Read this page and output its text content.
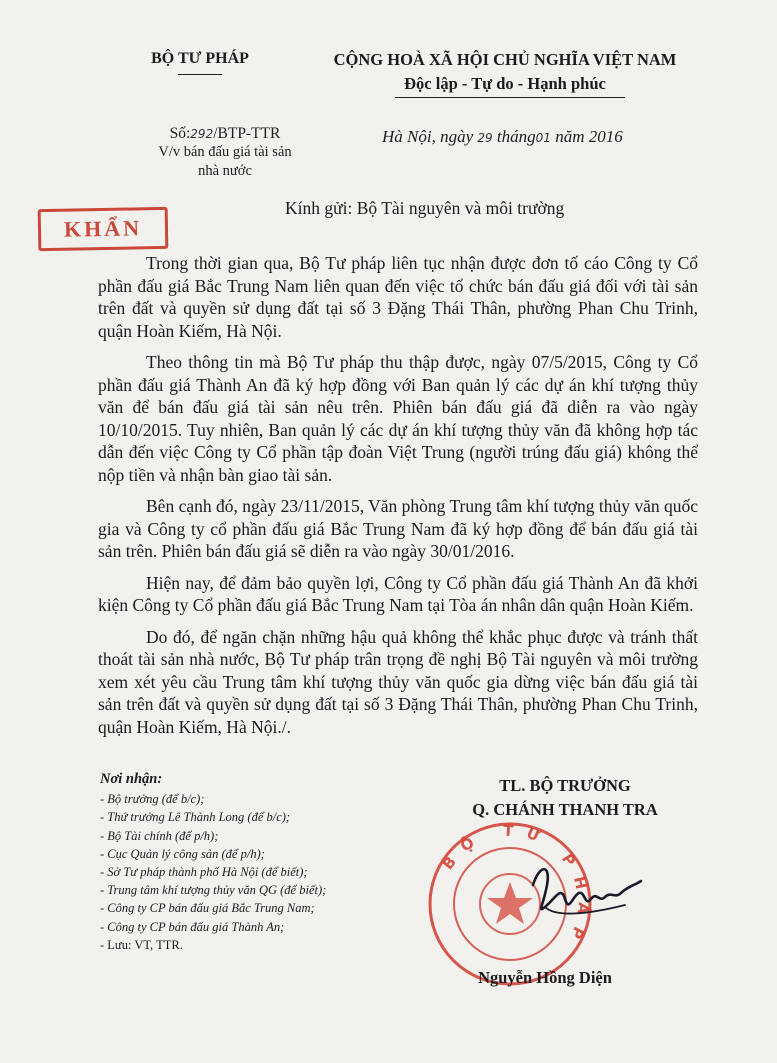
BỘ TƯ PHÁP	CỘNG HOÀ XÃ HỘI CHỦ NGHĨA VIỆT NAM
Độc lập - Tự do - Hạnh phúc
Số:292/BTP-TTR
V/v bán đấu giá tài sản
nhà nước
Hà Nội, ngày 29 tháng01 năm 2016
KHẨN
Kính gửi: Bộ Tài nguyên và môi trường

Trong thời gian qua, Bộ Tư pháp liên tục nhận được đơn tố cáo Công ty Cổ phần đấu giá Bắc Trung Nam liên quan đến việc tổ chức bán đấu giá đối với tài sản trên đất và quyền sử dụng đất tại số 3 Đặng Thái Thân, phường Phan Chu Trinh, quận Hoàn Kiếm, Hà Nội.

Theo thông tin mà Bộ Tư pháp thu thập được, ngày 07/5/2015, Công ty Cổ phần đấu giá Thành An đã ký hợp đồng với Ban quản lý các dự án khí tượng thủy văn để bán đấu giá tài sản nêu trên. Phiên bán đấu giá đã diễn ra vào ngày 10/10/2015. Tuy nhiên, Ban quản lý các dự án khí tượng thủy văn đã không hợp tác dẫn đến việc Công ty Cổ phần tập đoàn Việt Trung (người trúng đấu giá) không thể nộp tiền và nhận bàn giao tài sản.

Bên cạnh đó, ngày 23/11/2015, Văn phòng Trung tâm khí tượng thủy văn quốc gia và Công ty cổ phần đấu giá Bắc Trung Nam đã ký hợp đồng để bán đấu giá tài sản trên. Phiên bán đấu giá sẽ diễn ra vào ngày 30/01/2016.

Hiện nay, để đảm bảo quyền lợi, Công ty Cổ phần đấu giá Thành An đã khởi kiện Công ty Cổ phần đấu giá Bắc Trung Nam tại Tòa án nhân dân quận Hoàn Kiếm.

Do đó, để ngăn chặn những hậu quả không thể khắc phục được và tránh thất thoát tài sản nhà nước, Bộ Tư pháp trân trọng đề nghị Bộ Tài nguyên và môi trường xem xét yêu cầu Trung tâm khí tượng thủy văn quốc gia dừng việc bán đấu giá tài sản trên đất và quyền sử dụng đất tại số 3 Đặng Thái Thân, phường Phan Chu Trinh, quận Hoàn Kiếm, Hà Nội./.

Nơi nhận:
- Bộ trưởng (để b/c);
- Thứ trưởng Lê Thành Long (để b/c);
- Bộ Tài chính (để p/h);
- Cục Quản lý công sản (để p/h);
- Sở Tư pháp thành phố Hà Nội (để biết);
- Trung tâm khí tượng thủy văn QG (để biết);
- Công ty CP bán đấu giá Bắc Trung Nam;
- Công ty CP bán đấu giá Thành An;
- Lưu: VT, TTR.
TL. BỘ TRƯỞNG
Q. CHÁNH THANH TRA
BỘ TƯ PHÁP
Nguyễn Hồng Diện
